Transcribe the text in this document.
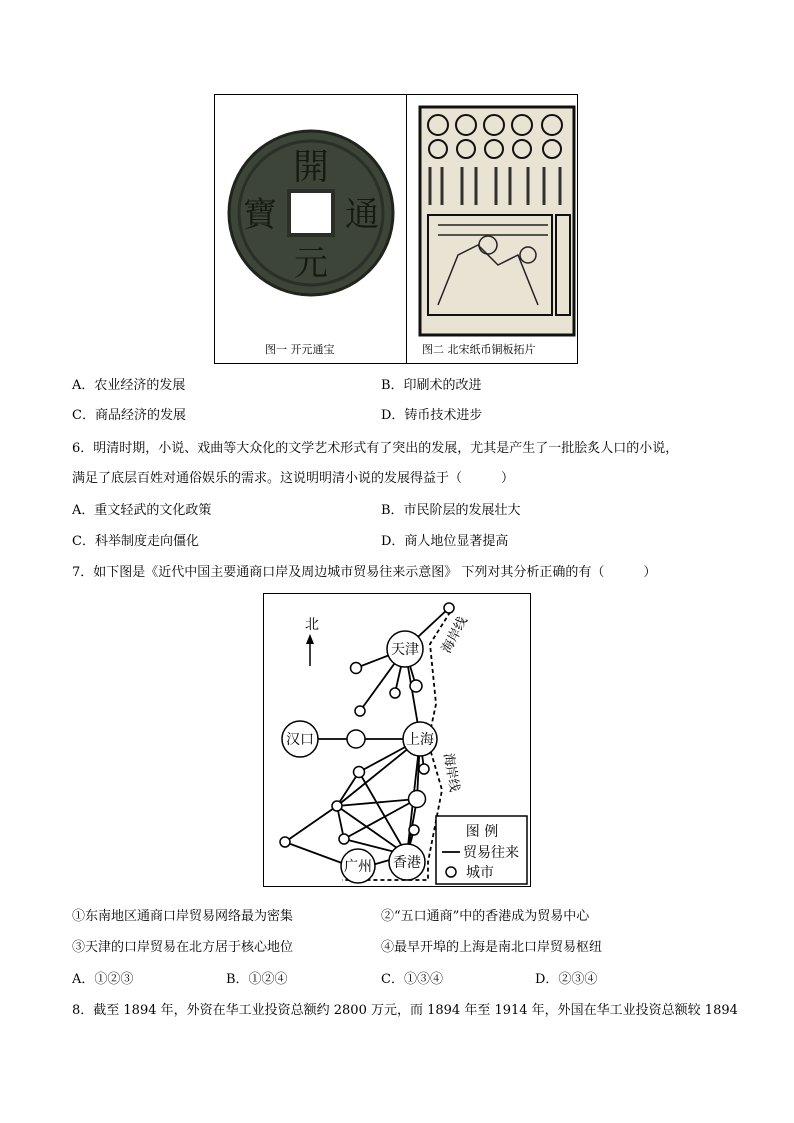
開
元
通
寶
图一 开元通宝	图二 北宋纸币铜板拓片
A．农业经济的发展	B．印刷术的改进
C．商品经济的发展	D．铸币技术进步
6．明清时期，小说、戏曲等大众化的文学艺术形式有了突出的发展，尤其是产生了一批脍炙人口的小说，
满足了底层百姓对通俗娱乐的需求。这说明明清小说的发展得益于（　　　）
A．重文轻武的文化政策	B．市民阶层的发展壮大
C．科举制度走向僵化	D．商人地位显著提高
7．如下图是《近代中国主要通商口岸及周边城市贸易往来示意图》 下列对其分析正确的有（　　　）
天津
汉口	上海
广州 香港
北	海岸线
海岸线
图 例
贸易往来
城市
①东南地区通商口岸贸易网络最为密集	②“五口通商”中的香港成为贸易中心
③天津的口岸贸易在北方居于核心地位	④最早开埠的上海是南北口岸贸易枢纽
A．①②③	B．①②④	C．①③④	D．②③④
8．截至 1894 年，外资在华工业投资总额约 2800 万元，而 1894 年至 1914 年，外国在华工业投资总额较 1894
